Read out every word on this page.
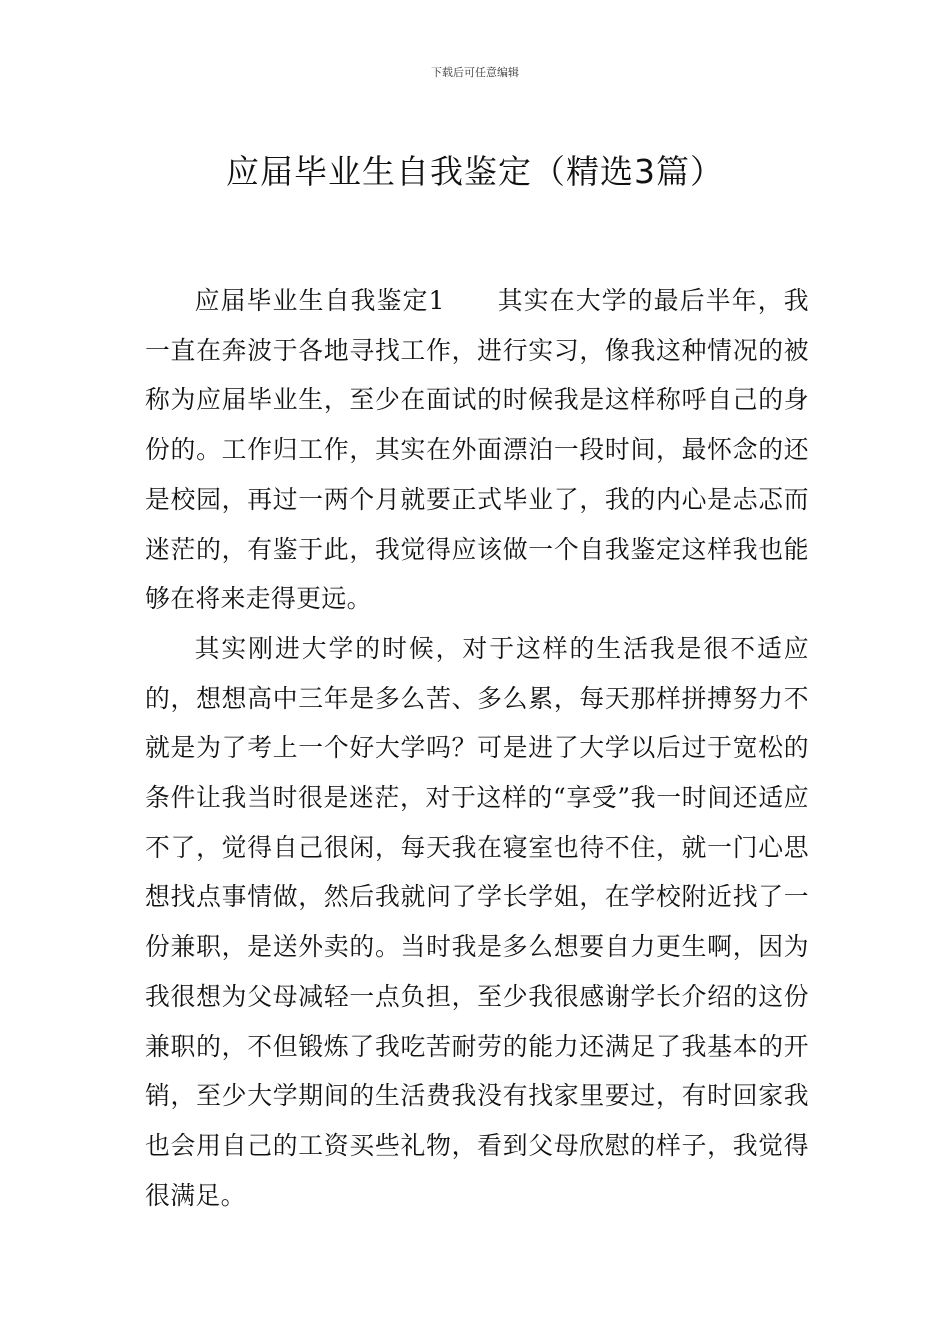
下载后可任意编辑
应届毕业生自我鉴定（精选3篇）

应届毕业生自我鉴定1 其实在大学的最后半年，我一直在奔波于各地寻找工作，进行实习，像我这种情况的被称为应届毕业生，至少在面试的时候我是这样称呼自己的身份的。工作归工作，其实在外面漂泊一段时间，最怀念的还是校园，再过一两个月就要正式毕业了，我的内心是忐忑而迷茫的，有鉴于此，我觉得应该做一个自我鉴定这样我也能够在将来走得更远。

其实刚进大学的时候，对于这样的生活我是很不适应的，想想高中三年是多么苦、多么累，每天那样拼搏努力不就是为了考上一个好大学吗？可是进了大学以后过于宽松的条件让我当时很是迷茫，对于这样的“享受”我一时间还适应不了，觉得自己很闲，每天我在寝室也待不住，就一门心思想找点事情做，然后我就问了学长学姐，在学校附近找了一份兼职，是送外卖的。当时我是多么想要自力更生啊，因为我很想为父母减轻一点负担，至少我很感谢学长介绍的这份兼职的，不但锻炼了我吃苦耐劳的能力还满足了我基本的开销，至少大学期间的生活费我没有找家里要过，有时回家我也会用自己的工资买些礼物，看到父母欣慰的样子，我觉得很满足。
